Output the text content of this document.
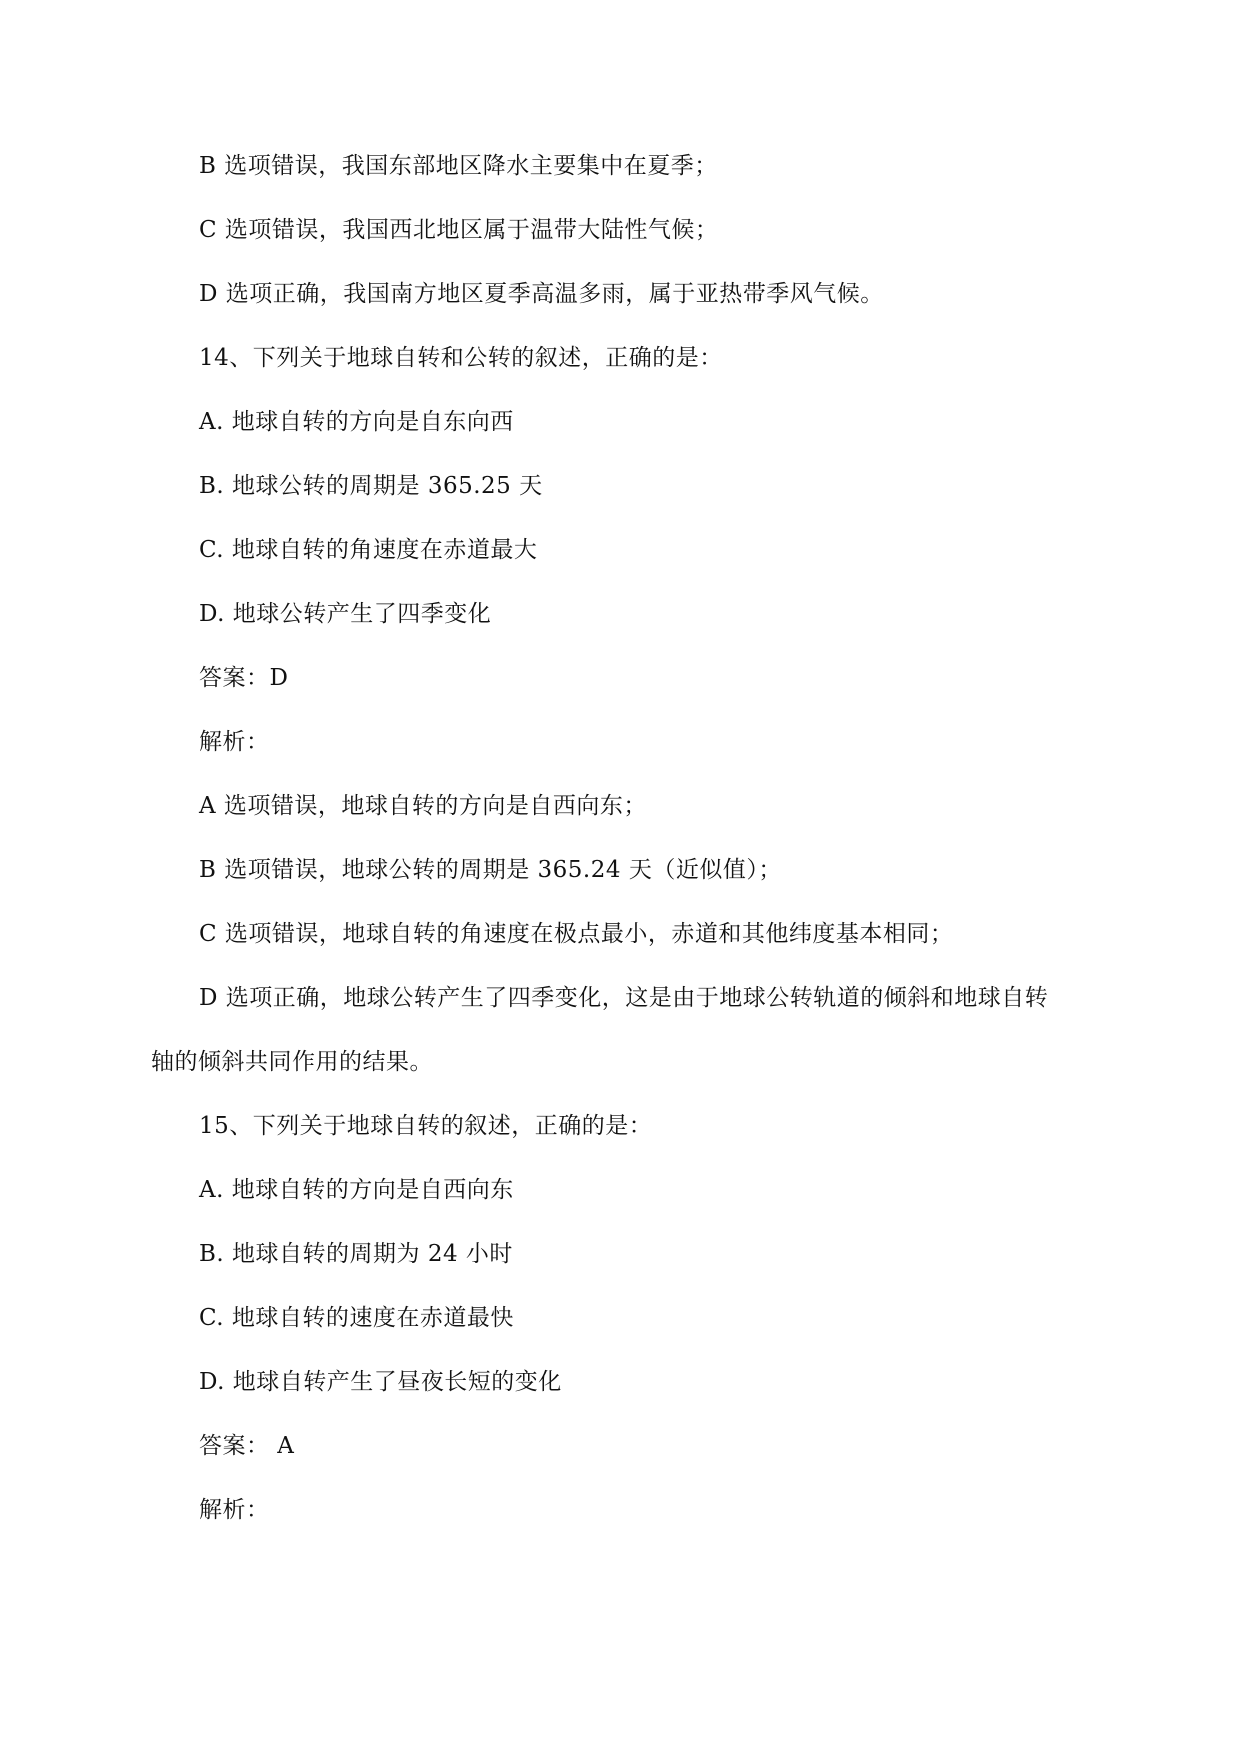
B 选项错误，我国东部地区降水主要集中在夏季；
C 选项错误，我国西北地区属于温带大陆性气候；
D 选项正确，我国南方地区夏季高温多雨，属于亚热带季风气候。
14、下列关于地球自转和公转的叙述，正确的是：
A. 地球自转的方向是自东向西
B. 地球公转的周期是 365.25 天
C. 地球自转的角速度在赤道最大
D. 地球公转产生了四季变化
答案：D
解析：
A 选项错误，地球自转的方向是自西向东；
B 选项错误，地球公转的周期是 365.24 天（近似值）；
C 选项错误，地球自转的角速度在极点最小，赤道和其他纬度基本相同；
D 选项正确，地球公转产生了四季变化，这是由于地球公转轨道的倾斜和地球自转
轴的倾斜共同作用的结果。
15、下列关于地球自转的叙述，正确的是：
A. 地球自转的方向是自西向东
B. 地球自转的周期为 24 小时
C. 地球自转的速度在赤道最快
D. 地球自转产生了昼夜长短的变化
答案： A
解析：
